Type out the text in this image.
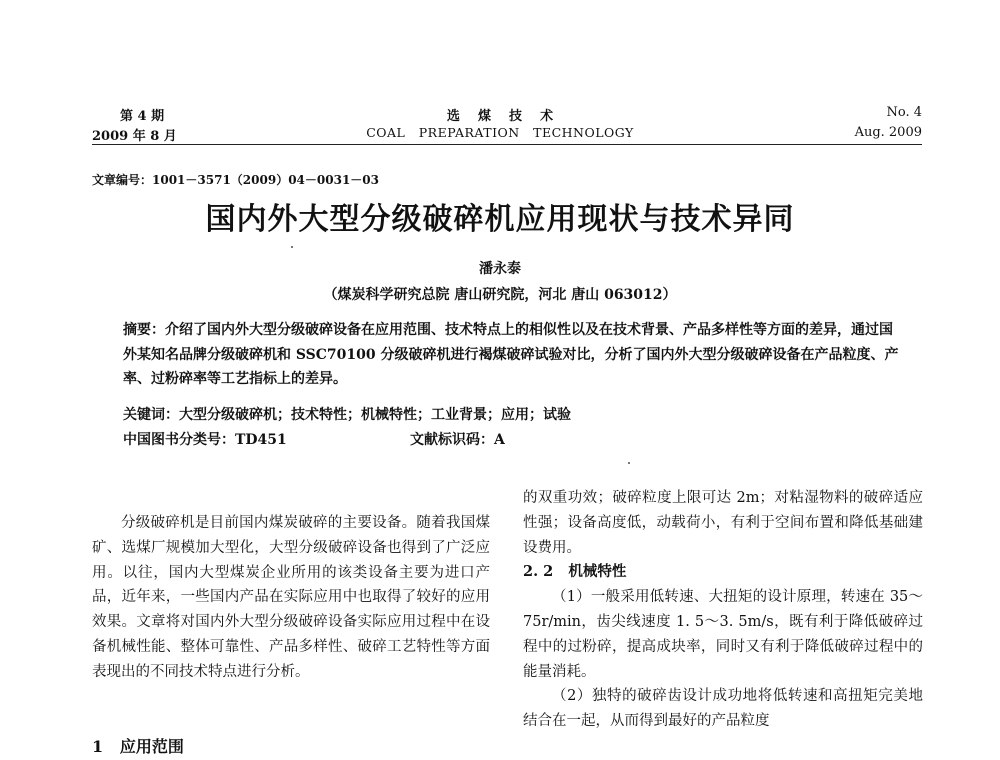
第 4 期
2009 年 8 月
选    煤    技    术
COAL   PREPARATION   TECHNOLOGY
No. 4
Aug. 2009
文章编号：1001－3571（2009）04－0031－03
国内外大型分级破碎机应用现状与技术异同
潘永泰
（煤炭科学研究总院 唐山研究院，河北 唐山 063012）

摘要：介绍了国内外大型分级破碎设备在应用范围、技术特点上的相似性以及在技术背景、产品多样性等方面的差异，通过国外某知名品牌分级破碎机和 SSC70100 分级破碎机进行褐煤破碎试验对比，分析了国内外大型分级破碎设备在产品粒度、产率、过粉碎率等工艺指标上的差异。

关键词：大型分级破碎机；技术特性；机械特性；工业背景；应用；试验
中国图书分类号：TD451	文献标识码：A

分级破碎机是目前国内煤炭破碎的主要设备。随着我国煤矿、选煤厂规模加大型化，大型分级破碎设备也得到了广泛应用。以往，国内大型煤炭企业所用的该类设备主要为进口产品，近年来，一些国内产品在实际应用中也取得了较好的应用效果。文章将对国内外大型分级破碎设备实际应用过程中在设备机械性能、整体可靠性、产品多样性、破碎工艺特性等方面表现出的不同技术特点进行分析。

1   应用范围

的双重功效；破碎粒度上限可达 2m；对粘湿物料的破碎适应性强；设备高度低，动载荷小，有利于空间布置和降低基础建设费用。

2. 2   机械特性

（1）一般采用低转速、大扭矩的设计原理，转速在 35～75r/min，齿尖线速度 1. 5～3. 5m/s，既有利于降低破碎过程中的过粉碎，提高成块率，同时又有利于降低破碎过程中的能量消耗。

（2）独特的破碎齿设计成功地将低转速和高扭矩完美地结合在一起，从而得到最好的产品粒度
